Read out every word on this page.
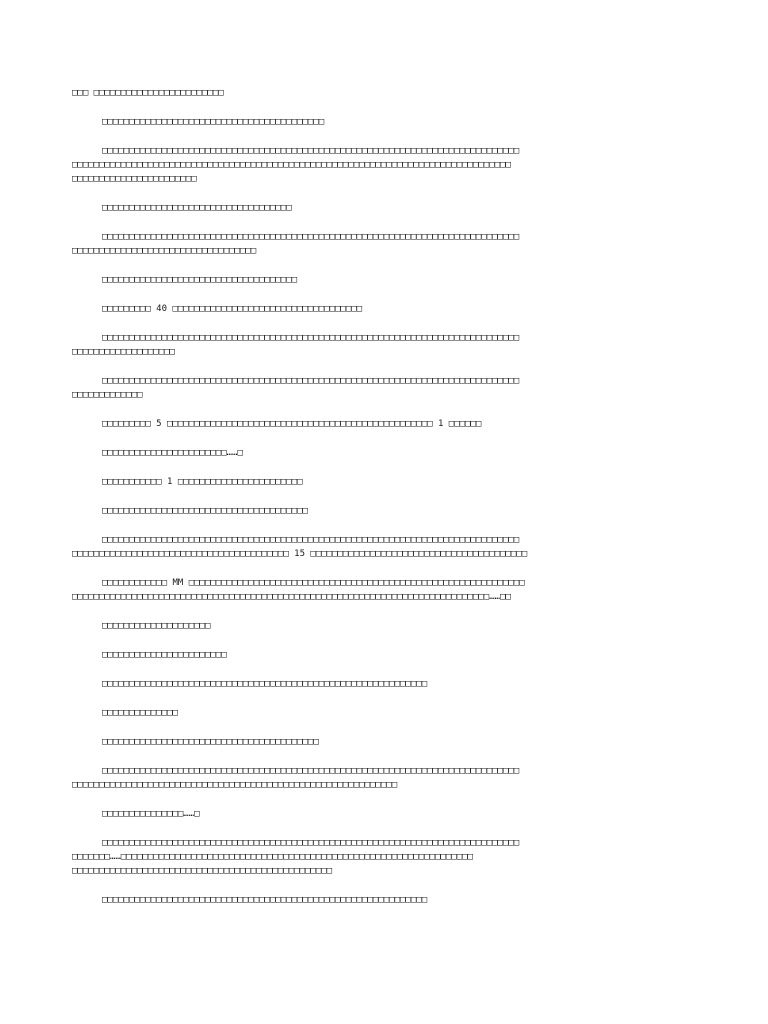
□□□ □□□□□□□□□□□□□□□□□□□□□□□□
□□□□□□□□□□□□□□□□□□□□□□□□□□□□□□□□□□□□□□□□□
□□□□□□□□□□□□□□□□□□□□□□□□□□□□□□□□□□□□□□□□□□□□□□□□□□□□□□□□□□□□□□□□□□□□□□□□□□□□□
□□□□□□□□□□□□□□□□□□□□□□□□□□□□□□□□□□□□□□□□□□□□□□□□□□□□□□□□□□□□□□□□□□□□□□□□□□□□□□□□□
□□□□□□□□□□□□□□□□□□□□□□□
□□□□□□□□□□□□□□□□□□□□□□□□□□□□□□□□□□□
□□□□□□□□□□□□□□□□□□□□□□□□□□□□□□□□□□□□□□□□□□□□□□□□□□□□□□□□□□□□□□□□□□□□□□□□□□□□□
□□□□□□□□□□□□□□□□□□□□□□□□□□□□□□□□□□
□□□□□□□□□□□□□□□□□□□□□□□□□□□□□□□□□□□□
□□□□□□□□□ 40 □□□□□□□□□□□□□□□□□□□□□□□□□□□□□□□□□□□
□□□□□□□□□□□□□□□□□□□□□□□□□□□□□□□□□□□□□□□□□□□□□□□□□□□□□□□□□□□□□□□□□□□□□□□□□□□□□
□□□□□□□□□□□□□□□□□□□
□□□□□□□□□□□□□□□□□□□□□□□□□□□□□□□□□□□□□□□□□□□□□□□□□□□□□□□□□□□□□□□□□□□□□□□□□□□□□
□□□□□□□□□□□□□
□□□□□□□□□ 5 □□□□□□□□□□□□□□□□□□□□□□□□□□□□□□□□□□□□□□□□□□□□□□□□□ 1 □□□□□□
□□□□□□□□□□□□□□□□□□□□□□□……□
□□□□□□□□□□□ 1 □□□□□□□□□□□□□□□□□□□□□□□
□□□□□□□□□□□□□□□□□□□□□□□□□□□□□□□□□□□□□□
□□□□□□□□□□□□□□□□□□□□□□□□□□□□□□□□□□□□□□□□□□□□□□□□□□□□□□□□□□□□□□□□□□□□□□□□□□□□□
□□□□□□□□□□□□□□□□□□□□□□□□□□□□□□□□□□□□□□□□ 15 □□□□□□□□□□□□□□□□□□□□□□□□□□□□□□□□□□□□□□□□
□□□□□□□□□□□□ MM □□□□□□□□□□□□□□□□□□□□□□□□□□□□□□□□□□□□□□□□□□□□□□□□□□□□□□□□□□□□□□
□□□□□□□□□□□□□□□□□□□□□□□□□□□□□□□□□□□□□□□□□□□□□□□□□□□□□□□□□□□□□□□□□□□□□□□□□□□□□……□□
□□□□□□□□□□□□□□□□□□□□
□□□□□□□□□□□□□□□□□□□□□□□
□□□□□□□□□□□□□□□□□□□□□□□□□□□□□□□□□□□□□□□□□□□□□□□□□□□□□□□□□□□□
□□□□□□□□□□□□□□
□□□□□□□□□□□□□□□□□□□□□□□□□□□□□□□□□□□□□□□□
□□□□□□□□□□□□□□□□□□□□□□□□□□□□□□□□□□□□□□□□□□□□□□□□□□□□□□□□□□□□□□□□□□□□□□□□□□□□□
□□□□□□□□□□□□□□□□□□□□□□□□□□□□□□□□□□□□□□□□□□□□□□□□□□□□□□□□□□□□
□□□□□□□□□□□□□□□……□
□□□□□□□□□□□□□□□□□□□□□□□□□□□□□□□□□□□□□□□□□□□□□□□□□□□□□□□□□□□□□□□□□□□□□□□□□□□□□
□□□□□□□……□□□□□□□□□□□□□□□□□□□□□□□□□□□□□□□□□□□□□□□□□□□□□□□□□□□□□□□□□□□□□□□□□
□□□□□□□□□□□□□□□□□□□□□□□□□□□□□□□□□□□□□□□□□□□□□□□□
□□□□□□□□□□□□□□□□□□□□□□□□□□□□□□□□□□□□□□□□□□□□□□□□□□□□□□□□□□□□
